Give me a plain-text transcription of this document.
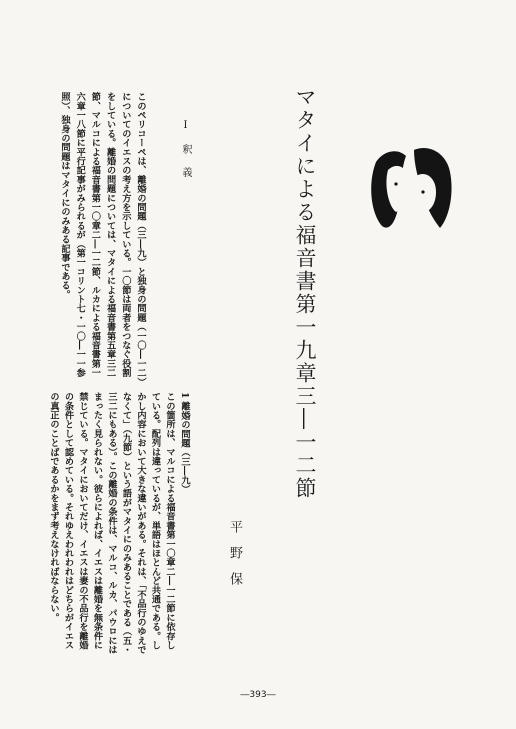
マタイによる福音書第一九章三―一二節
Ⅰ 釈 義
このペリコーペは、離婚の問題（三―九）と独身の問題（一〇―一二）についてのイエスの考え方を示している。一〇節は両者をつなぐ役割をしている。離婚の問題については、マタイによる福音書第五章三二節、マルコによる福音書第一〇章二―一二節、ルカによる福音書第一六章一八節に平行記事がみられるが（第一コリント七・一〇―一一参照）、独身の問題はマタイにのみある記事である。
1 離婚の問題（三―九）
この箇所は、マルコによる福音書第一〇章二―一二節に依存している。配列は違っているが、単語はほとんど共通である。しかし内容において大きな違いがある。それは、「不品行のゆえでなくて」（九節）という語がマタイにのみあることである（五・三二にもある）。この離婚の条件は、マルコ、ルカ、パウロにはまったく見られない。彼らによれば、イエスは離婚を無条件に禁じている。マタイにおいてだけ、イエスは妻の不品行を離婚の条件として認めている。それゆえわれわれはどちらがイエスの真正のことばであるかをまず考えなければならない。	平野保
―393―
